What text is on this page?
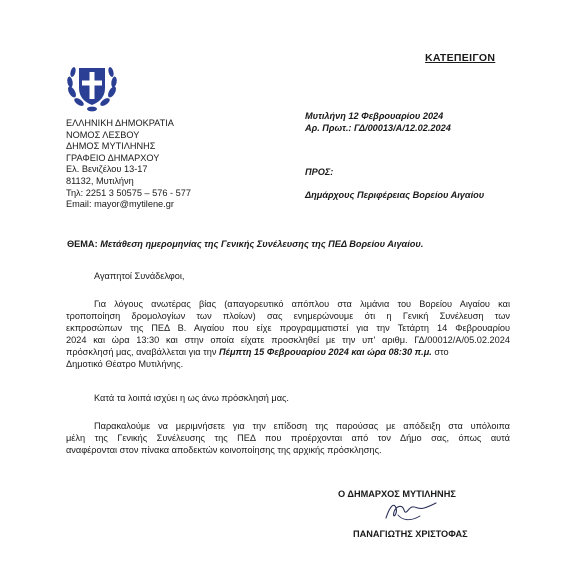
ΚΑΤΕΠΕΙΓΟΝ
ΕΛΛΗΝΙΚΗ ΔΗΜΟΚΡΑΤΙΑ
ΝΟΜΟΣ ΛΕΣΒΟΥ
ΔΗΜΟΣ ΜΥΤΙΛΗΝΗΣ
ΓΡΑΦΕΙΟ ΔΗΜΑΡΧΟΥ
Ελ. Βενιζέλου 13-17
81132, Μυτιλήνη
Τηλ: 2251 3 50575 – 576 - 577
Email: mayor@mytilene.gr
Μυτιλήνη 12 Φεβρουαρίου 2024
Αρ. Πρωτ.: ΓΔ/00013/Α/12.02.2024
ΠΡΟΣ:
Δημάρχους Περιφέρειας Βορείου Αιγαίου
ΘΕΜΑ: Μετάθεση ημερομηνίας της Γενικής Συνέλευσης της ΠΕΔ Βορείου Αιγαίου.
Αγαπητοί Συνάδελφοι,
Για λόγους ανωτέρας βίας (απαγορευτικό απόπλου στα λιμάνια του Βορείου Αιγαίου και
τροποποίηση δρομολογίων των πλοίων) σας ενημερώνουμε ότι η Γενική Συνέλευση των
εκπροσώπων της ΠΕΔ Β. Αιγαίου που είχε προγραμματιστεί για την Τετάρτη 14 Φεβρουαρίου
2024 και ώρα 13:30 και στην οποία είχατε προσκληθεί με την υπ' αριθμ. ΓΔ/00012/Α/05.02.2024
πρόσκλησή μας, αναβάλλεται για την Πέμπτη 15 Φεβρουαρίου 2024 και ώρα 08:30 π.μ. στο
Δημοτικό Θέατρο Μυτιλήνης.
Κατά τα λοιπά ισχύει η ως άνω πρόσκλησή μας.
Παρακαλούμε να μεριμνήσετε για την επίδοση της παρούσας με απόδειξη στα υπόλοιπα
μέλη της Γενικής Συνέλευσης της ΠΕΔ που προέρχονται από τον Δήμο σας, όπως αυτά
αναφέρονται στον πίνακα αποδεκτών κοινοποίησης της αρχικής πρόσκλησης.
Ο ΔΗΜΑΡΧΟΣ ΜΥΤΙΛΗΝΗΣ
ΠΑΝΑΓΙΩΤΗΣ ΧΡΙΣΤΟΦΑΣ
